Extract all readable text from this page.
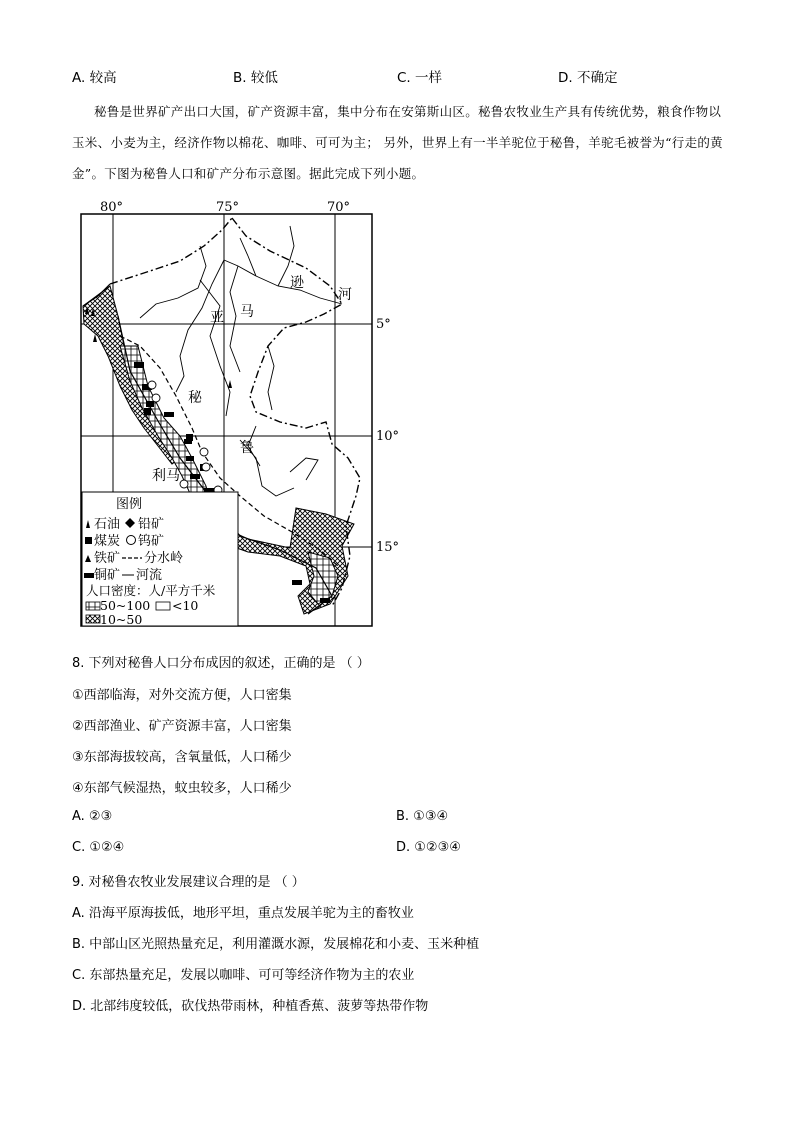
A. 较高	B. 较低	C. 一样	D. 不确定
秘鲁是世界矿产出口大国，矿产资源丰富，集中分布在安第斯山区。秘鲁农牧业生产具有传统优势，粮食作物以玉米、小麦为主，经济作物以棉花、咖啡、可可为主； 另外，世界上有一半羊驼位于秘鲁，羊驼毛被誉为“行走的黄金”。下图为秘鲁人口和矿产分布示意图。据此完成下列小题。
80°	75°	70°
5°
10°
15°
逊
河
亚 马
秘
鲁
利马
图例
石油 铅矿
煤炭 钨矿
铁矿 分水岭
铜矿 河流
人口密度：人/平方千米
50~100 <10
10~50
8. 下列对秘鲁人口分布成因的叙述，正确的是 （ ）
①西部临海，对外交流方便，人口密集
②西部渔业、矿产资源丰富，人口密集
③东部海拔较高，含氧量低，人口稀少
④东部气候湿热，蚊虫较多，人口稀少
A. ②③	B. ①③④
C. ①②④	D. ①②③④
9. 对秘鲁农牧业发展建议合理的是 （ ）
A. 沿海平原海拔低，地形平坦，重点发展羊驼为主的畜牧业
B. 中部山区光照热量充足，利用灌溉水源，发展棉花和小麦、玉米种植
C. 东部热量充足，发展以咖啡、可可等经济作物为主的农业
D. 北部纬度较低，砍伐热带雨林，种植香蕉、菠萝等热带作物
